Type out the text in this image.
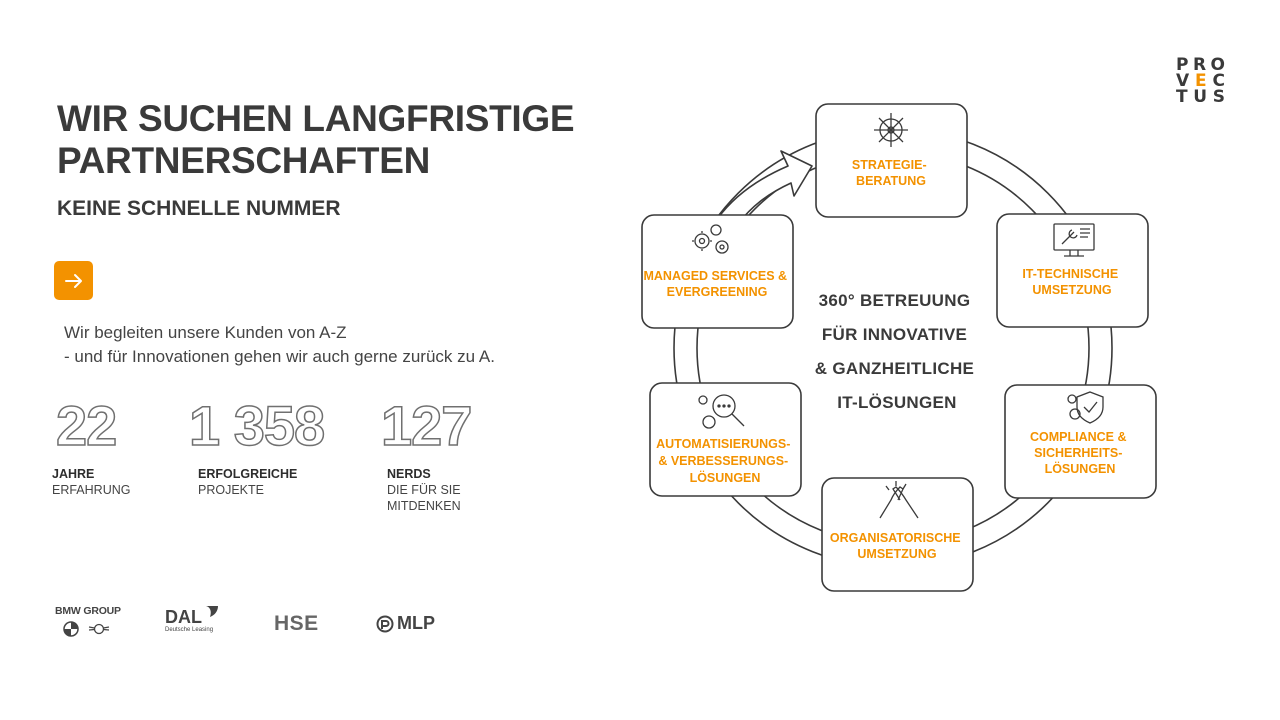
P R O
V E C
T U S
WIR SUCHEN LANGFRISTIGE
PARTNERSCHAFTEN
KEINE SCHNELLE NUMMER
Wir begleiten unsere Kunden von A-Z
- und für Innovationen gehen wir auch gerne zurück zu A.
22
JAHRE
ERFAHRUNG
1 358
ERFOLGREICHE
PROJEKTE
127
NERDS
DIE FÜR SIE
MITDENKEN
BMW GROUP DAL
Deutsche Leasing	HSE	MLP
STRATEGIE- BERATUNG
IT-TECHNISCHE UMSETZUNG
COMPLIANCE & SICHERHEITS- LÖSUNGEN
ORGANISATORISCHE UMSETZUNG
AUTOMATISIERUNGS- & VERBESSERUNGS- LÖSUNGEN
MANAGED SERVICES & EVERGREENING	360° BETREUUNG FÜR INNOVATIVE & GANZHEITLICHE IT-LÖSUNGEN
